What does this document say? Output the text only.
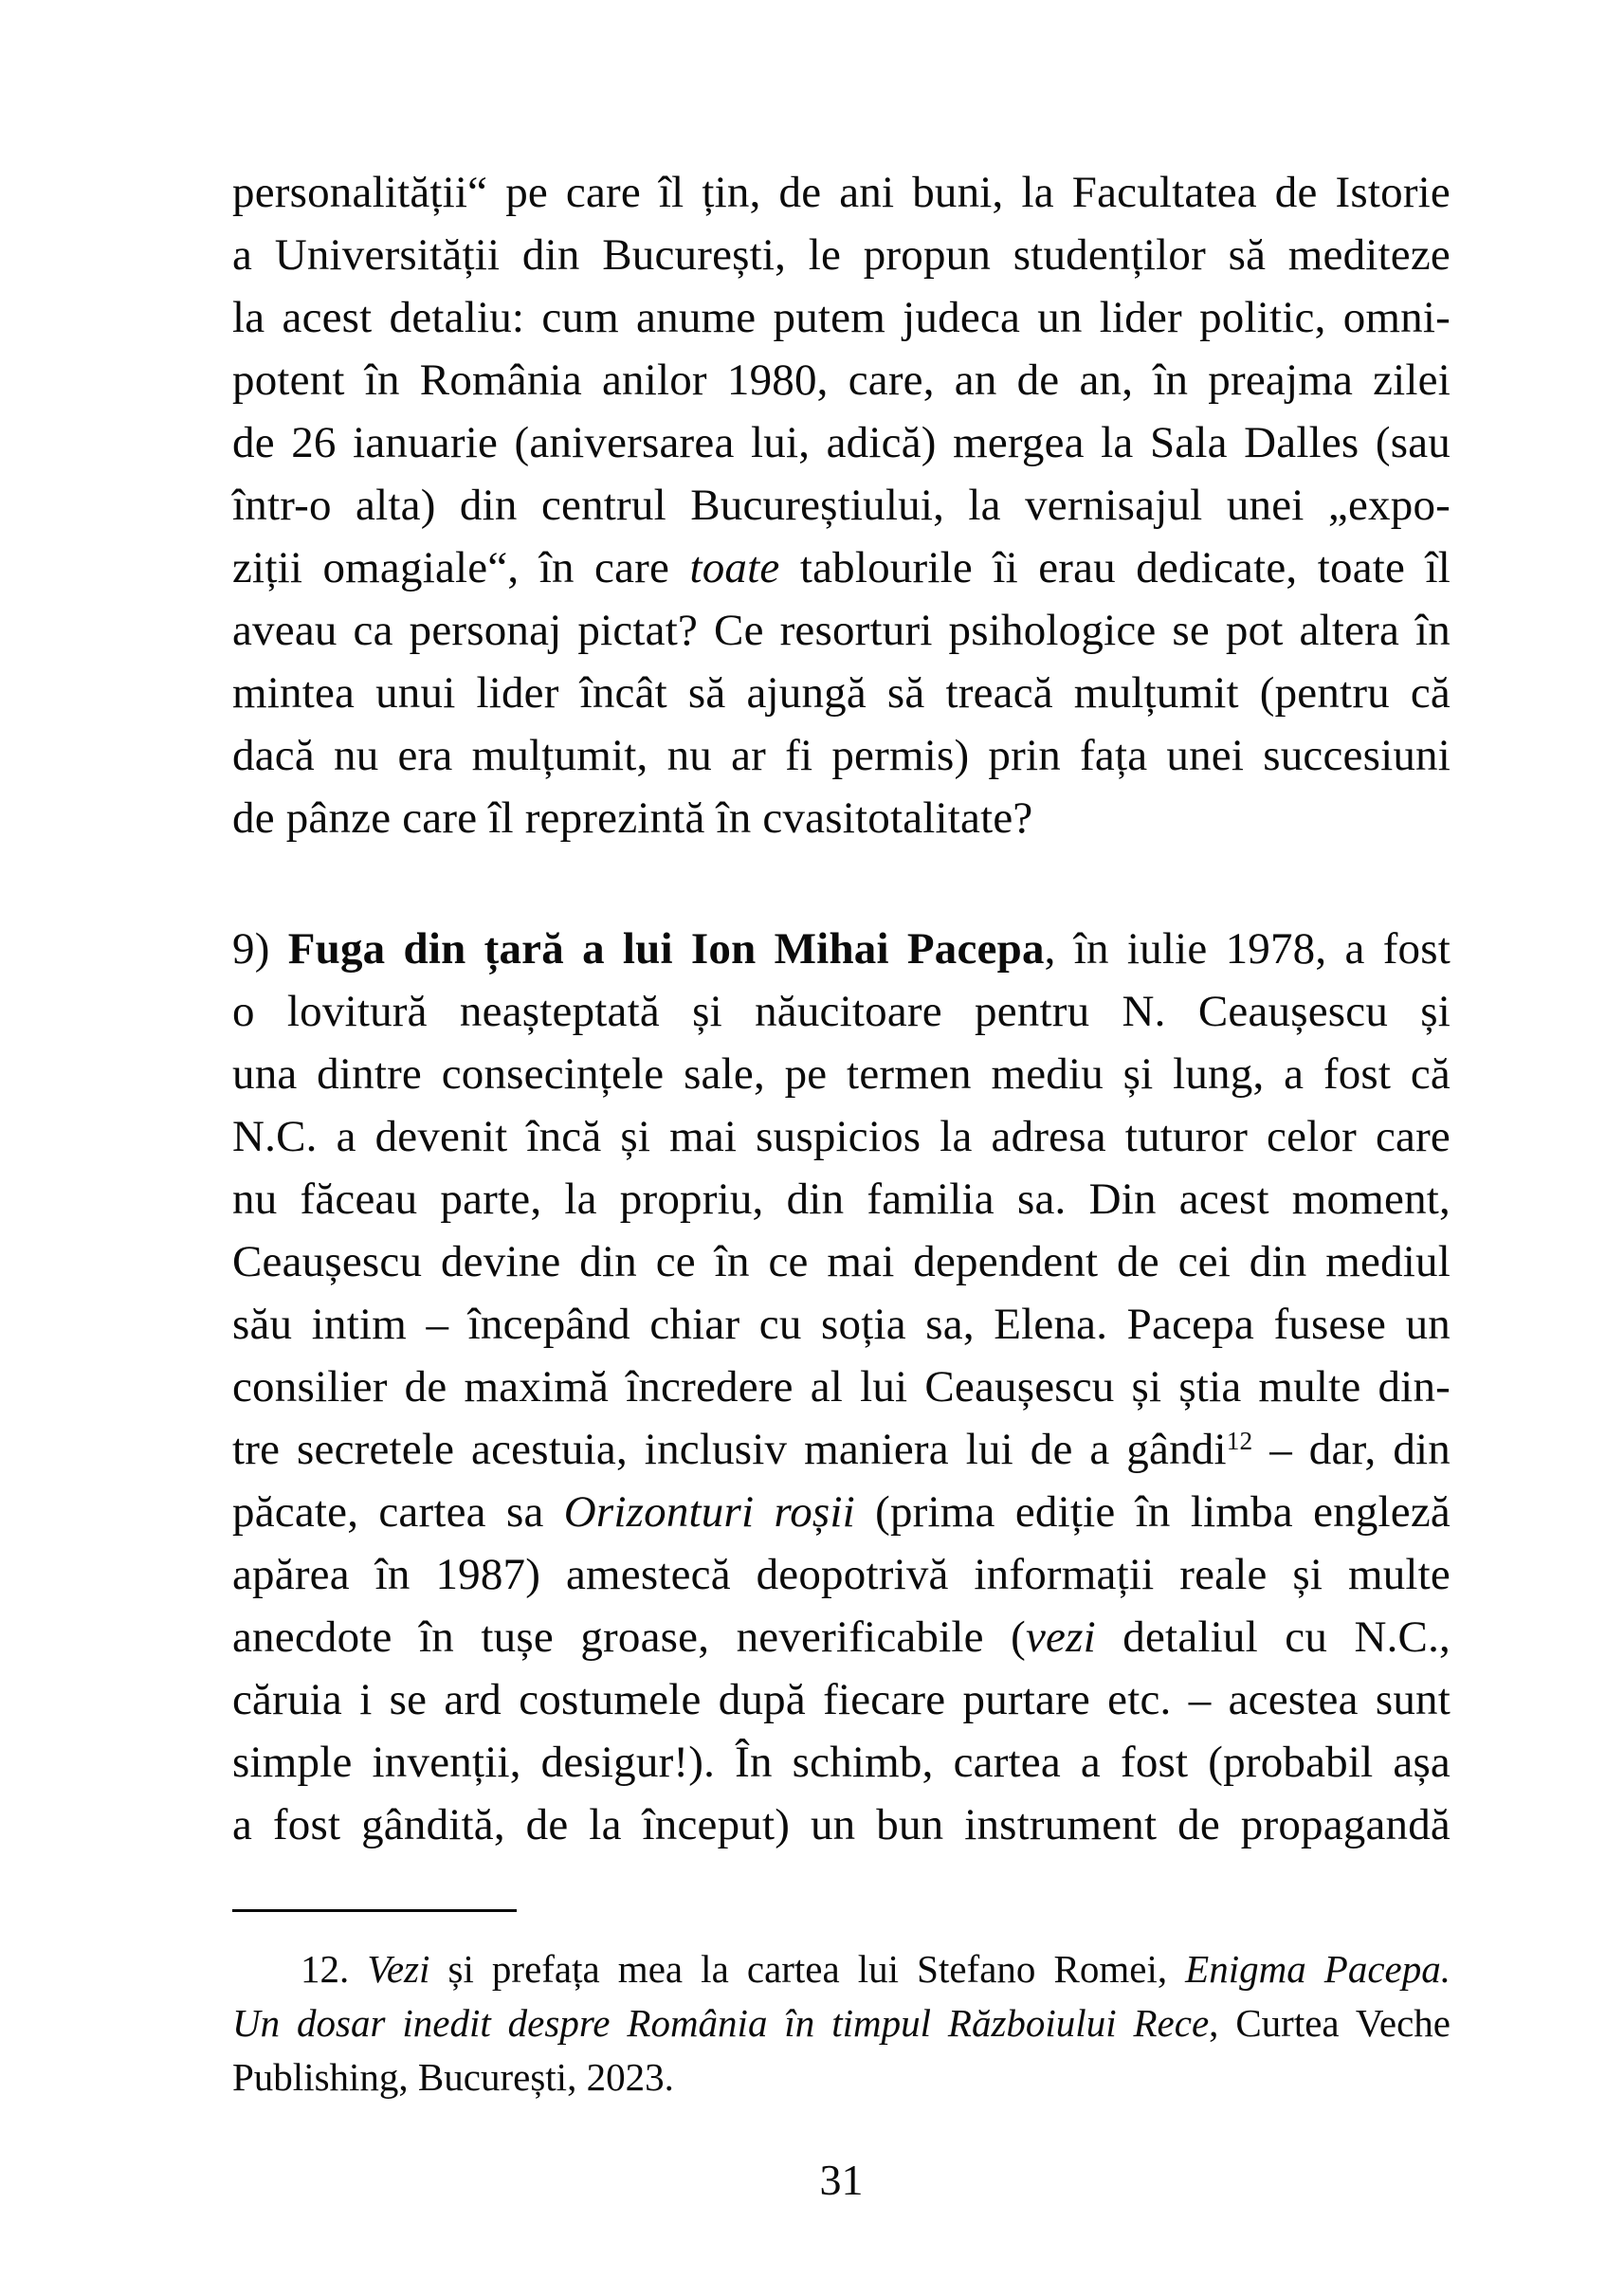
personalității“ pe care îl țin, de ani buni, la Facultatea de Istorie
a Universității din București, le propun studenților să mediteze
la acest detaliu: cum anume putem judeca un lider politic, omni-
potent în România anilor 1980, care, an de an, în preajma zilei
de 26 ianuarie (aniversarea lui, adică) mergea la Sala Dalles (sau
într-o alta) din centrul Bucureștiului, la vernisajul unei „expo-
ziții omagiale“, în care toate tablourile îi erau dedicate, toate îl
aveau ca personaj pictat? Ce resorturi psihologice se pot altera în
mintea unui lider încât să ajungă să treacă mulțumit (pentru că
dacă nu era mulțumit, nu ar fi permis) prin fața unei succesiuni
de pânze care îl reprezintă în cvasitotalitate?
9) Fuga din țară a lui Ion Mihai Pacepa, în iulie 1978, a fost
o lovitură neașteptată și năucitoare pentru N. Ceaușescu și
una dintre consecințele sale, pe termen mediu și lung, a fost că
N.C. a devenit încă și mai suspicios la adresa tuturor celor care
nu făceau parte, la propriu, din familia sa. Din acest moment,
Ceaușescu devine din ce în ce mai dependent de cei din mediul
său intim – începând chiar cu soția sa, Elena. Pacepa fusese un
consilier de maximă încredere al lui Ceaușescu și știa multe din-
tre secretele acestuia, inclusiv maniera lui de a gândi$^{12}$ – dar, din
păcate, cartea sa Orizonturi roșii (prima ediție în limba engleză
apărea în 1987) amestecă deopotrivă informații reale și multe
anecdote în tușe groase, neverificabile (vezi detaliul cu N.C.,
căruia i se ard costumele după fiecare purtare etc. – acestea sunt
simple invenții, desigur!). În schimb, cartea a fost (probabil așa
a fost gândită, de la început) un bun instrument de propagandă
12. Vezi și prefața mea la cartea lui Stefano Romei, Enigma Pacepa.
Un dosar inedit despre România în timpul Războiului Rece, Curtea Veche
Publishing, București, 2023.
31
